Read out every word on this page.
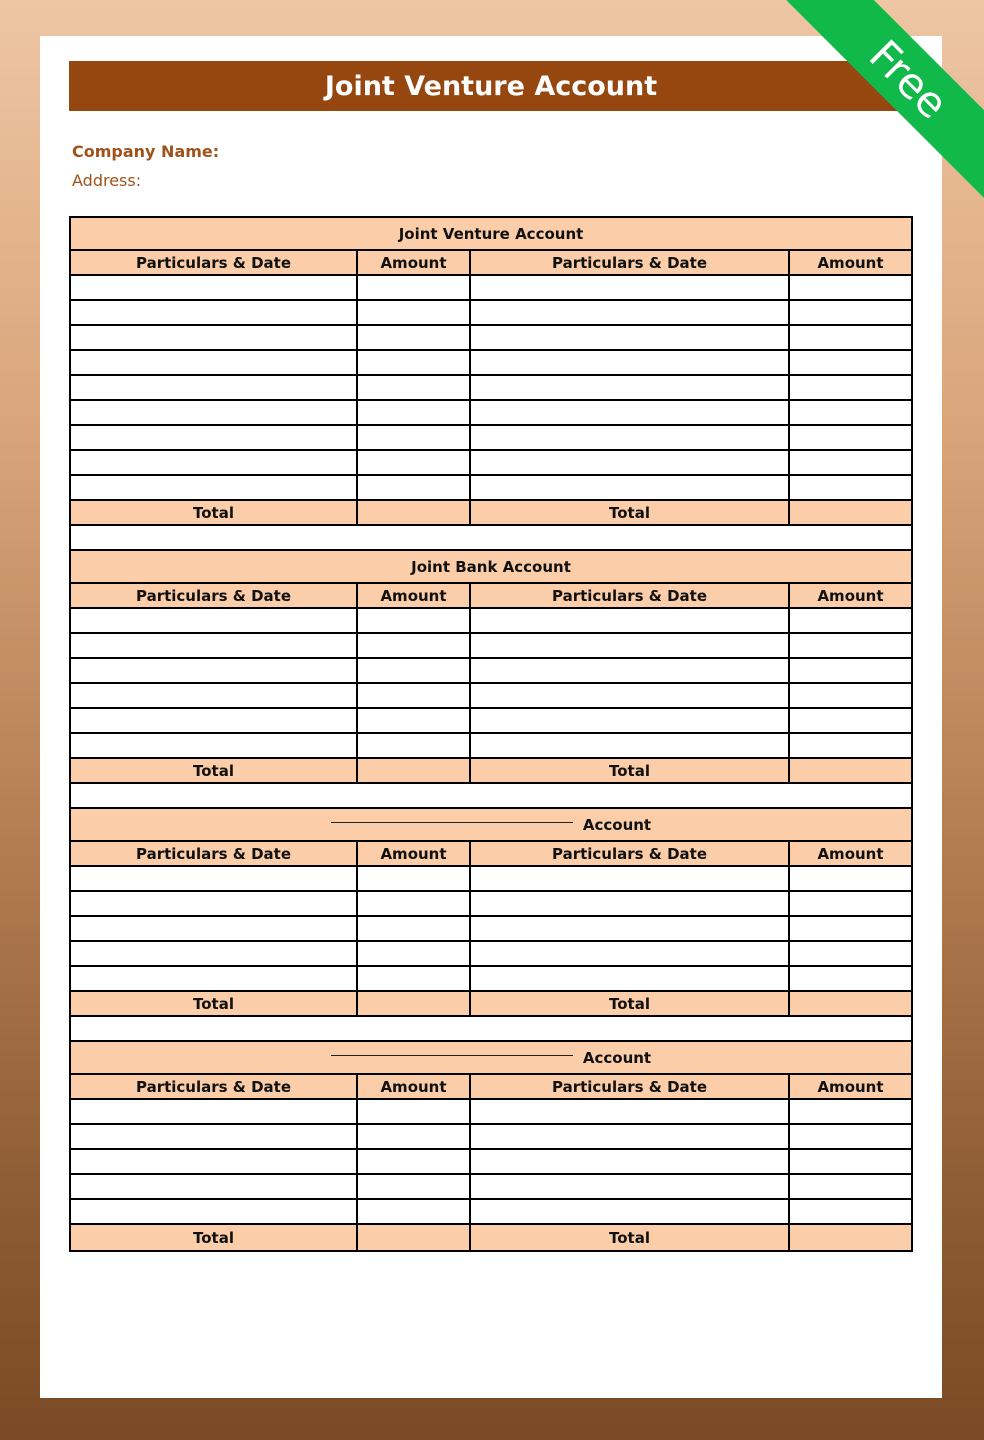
Joint Venture Account
Company Name:
Address:
Joint Venture Account
Particulars & Date	Amount	Particulars & Date	Amount
Total	Total
Joint Bank Account
Particulars & Date	Amount	Particulars & Date	Amount
Total	Total
Account
Particulars & Date	Amount	Particulars & Date	Amount
Total	Total
Account
Particulars & Date	Amount	Particulars & Date	Amount
Total	Total
Free
